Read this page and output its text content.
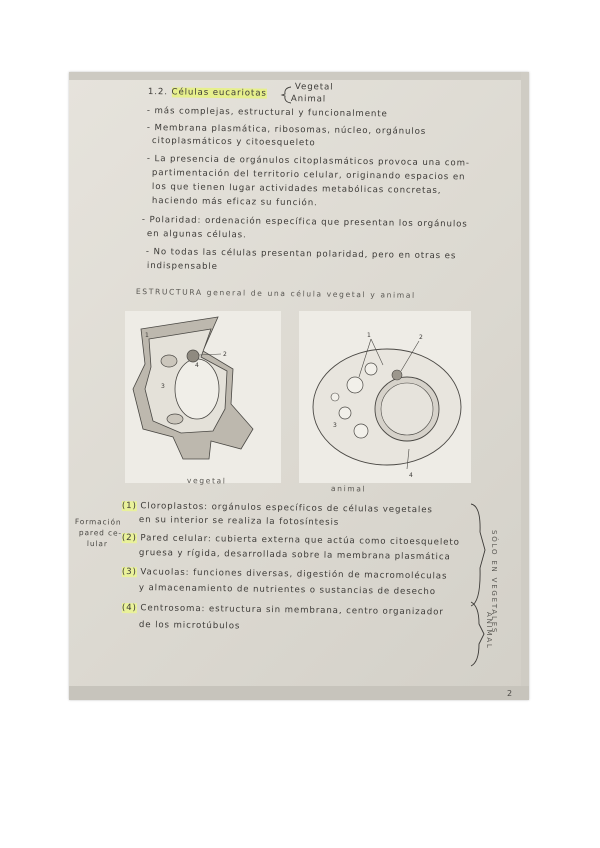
1.2. Células eucariotas

Vegetal

Animal

- más complejas, estructural y funcionalmente

- Membrana plasmática, ribosomas, núcleo, orgánulos

citoplasmáticos y citoesqueleto

- La presencia de orgánulos citoplasmáticos provoca una com-

partimentación del territorio celular, originando espacios en

los que tienen lugar actividades metabólicas concretas,

haciendo más eficaz su función.

- Polaridad: ordenación específica que presentan los orgánulos

en algunas células.

- No todas las células presentan polaridad, pero en otras es

indispensable

ESTRUCTURA general de una célula vegetal y animal

1
2
3
4
1	2
3
4

vegetal

animal

Formación

pared ce-

lular

(1) Cloroplastos: orgánulos específicos de células vegetales

en su interior se realiza la fotosíntesis

(2) Pared celular: cubierta externa que actúa como citoesqueleto

gruesa y rígida, desarrollada sobre la membrana plasmática

(3) Vacuolas: funciones diversas, digestión de macromoléculas

y almacenamiento de nutrientes o sustancias de desecho

(4) Centrosoma: estructura sin membrana, centro organizador

de los microtúbulos	SÓLO EN VEGETALES
ANIMAL
2
